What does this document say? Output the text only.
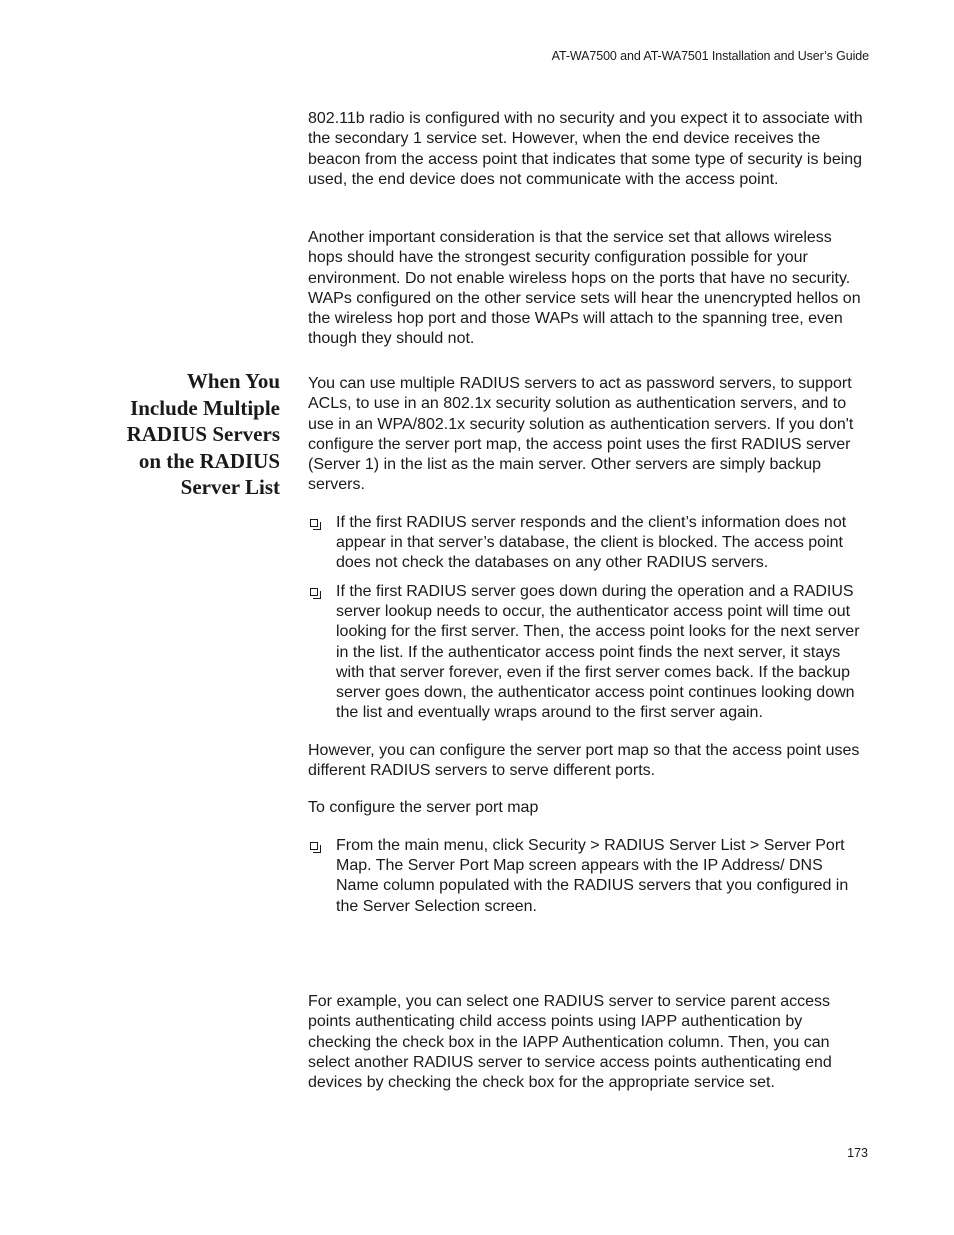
AT-WA7500 and AT-WA7501 Installation and User’s Guide

802.11b radio is configured with no security and you expect it to associate with the secondary 1 service set. However, when the end device receives the beacon from the access point that indicates that some type of security is being used, the end device does not communicate with the access point.

Another important consideration is that the service set that allows wireless hops should have the strongest security configuration possible for your environment. Do not enable wireless hops on the ports that have no security. WAPs configured on the other service sets will hear the unencrypted hellos on the wireless hop port and those WAPs will attach to the spanning tree, even though they should not.

When You
Include Multiple
RADIUS Servers
on the RADIUS
Server List

You can use multiple RADIUS servers to act as password servers, to support ACLs, to use in an 802.1x security solution as authentication servers, and to use in an WPA/802.1x security solution as authentication servers. If you don't configure the server port map, the access point uses the first RADIUS server (Server 1) in the list as the main server. Other servers are simply backup servers.

If the first RADIUS server responds and the client’s information does not appear in that server’s database, the client is blocked. The access point does not check the databases on any other RADIUS servers.
If the first RADIUS server goes down during the operation and a RADIUS server lookup needs to occur, the authenticator access point will time out looking for the first server. Then, the access point looks for the next server in the list. If the authenticator access point finds the next server, it stays with that server forever, even if the first server comes back. If the backup server goes down, the authenticator access point continues looking down the list and eventually wraps around to the first server again.

However, you can configure the server port map so that the access point uses different RADIUS servers to serve different ports.

To configure the server port map

From the main menu, click Security > RADIUS Server List > Server Port Map. The Server Port Map screen appears with the IP Address/ DNS Name column populated with the RADIUS servers that you configured in the Server Selection screen.

For example, you can select one RADIUS server to service parent access points authenticating child access points using IAPP authentication by checking the check box in the IAPP Authentication column. Then, you can select another RADIUS server to service access points authenticating end devices by checking the check box for the appropriate service set.

173
